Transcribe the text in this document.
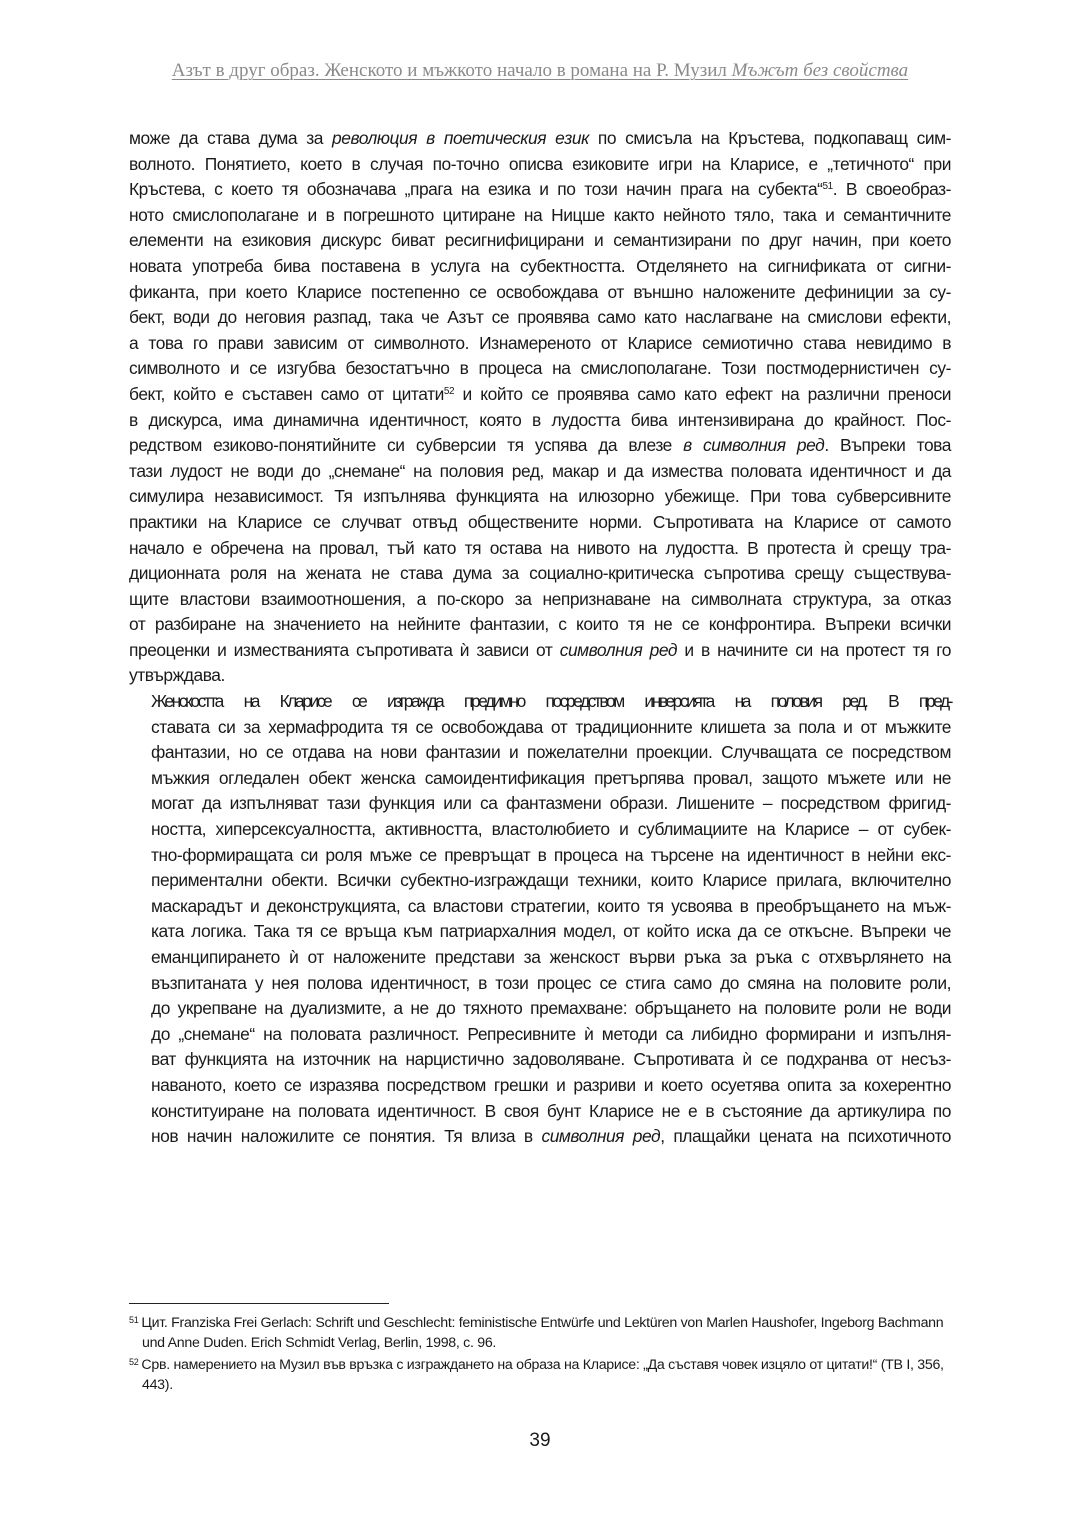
Азът в друг образ. Женското и мъжкото начало в романа на Р. Музил Мъжът без свойства

може да става дума за революция в поетическия език по смисъла на Кръстева, подкопаващ сим-
волното. Понятието, което в случая по-точно описва езиковите игри на Кларисе, е „тетичното“ при
Кръстева, с което тя обозначава „прага на езика и по този начин прага на субекта“$^{51}$. В своеобраз-
ното смислополагане и в погрешното цитиране на Ницше както нейното тяло, така и семантичните
елементи на езиковия дискурс биват ресигнифицирани и семантизирани по друг начин, при което
новата употреба бива поставена в услуга на субектността. Отделянето на сигнификата от сигни-
фиканта, при което Кларисе постепенно се освобождава от външно наложените дефиниции за су-
бект, води до неговия разпад, така че Азът се проявява само като наслагване на смислови ефекти,
а това го прави зависим от символното. Изнамереното от Кларисе семиотично става невидимо в
символното и се изгубва безостатъчно в процеса на смислополагане. Този постмодернистичен су-
бект, който е съставен само от цитати$^{52}$ и който се проявява само като ефект на различни преноси
в дискурса, има динамична идентичност, която в лудостта бива интензивирана до крайност. Пос-
редством езиково-понятийните си субверсии тя успява да влезе в символния ред. Въпреки това
тази лудост не води до „снемане“ на половия ред, макар и да измества половата идентичност и да
симулира независимост. Тя изпълнява функцията на илюзорно убежище. При това субверсивните
практики на Кларисе се случват отвъд обществените норми. Съпротивата на Кларисе от самото
начало е обречена на провал, тъй като тя остава на нивото на лудостта. В протеста ѝ срещу тра-
диционната роля на жената не става дума за социално-критическа съпротива срещу съществува-
щите властови взаимоотношения, а по-скоро за непризнаване на символната структура, за отказ
от разбиране на значението на нейните фантазии, с които тя не се конфронтира. Въпреки всички
преоценки и изместванията съпротивата ѝ зависи от символния ред и в начините си на протест тя го
утвърждава.

Женскостта на Кларисе се изгражда предимно посредством инверсията на половия ред. В пред-
ставата си за хермафродита тя се освобождава от традиционните клишета за пола и от мъжките
фантазии, но се отдава на нови фантазии и пожелателни проекции. Случващата се посредством
мъжкия огледален обект женска самоидентификация претърпява провал, защото мъжете или не
могат да изпълняват тази функция или са фантазмени образи. Лишените – посредством фригид-
ността, хиперсексуалността, активността, властолюбието и сублимациите на Кларисе – от субек-
тно-формиращата си роля мъже се превръщат в процеса на търсене на идентичност в нейни екс-
периментални обекти. Всички субектно-изграждащи техники, които Кларисе прилага, включително
маскарадът и деконструкцията, са властови стратегии, които тя усвоява в преобръщането на мъж-
ката логика. Така тя се връща към патриархалния модел, от който иска да се откъсне. Въпреки че
еманципирането ѝ от наложените представи за женскост върви ръка за ръка с отхвърлянето на
възпитаната у нея полова идентичност, в този процес се стига само до смяна на половите роли,
до укрепване на дуализмите, а не до тяхното премахване: обръщането на половите роли не води
до „снемане“ на половата различност. Репресивните ѝ методи са либидно формирани и изпълня-
ват функцията на източник на нарцистично задоволяване. Съпротивата ѝ се подхранва от несъз-
наваното, което се изразява посредством грешки и разриви и което осуетява опита за кохерентно
конституиране на половата идентичност. В своя бунт Кларисе не е в състояние да артикулира по
нов начин наложилите се понятия. Тя влиза в символния ред, плащайки цената на психотичното

$^{51}$ Цит. Franziska Frei Gerlach: Schrift und Geschlecht: feministische Entwürfe und Lektüren von Marlen Haushofer, Ingeborg Bachmann und Anne Duden. Erich Schmidt Verlag, Berlin, 1998, с. 96.

$^{52}$ Срв. намерението на Музил във връзка с изграждането на образа на Кларисе: „Да съставя човек изцяло от цитати!“ (TB I, 356, 443).

39
